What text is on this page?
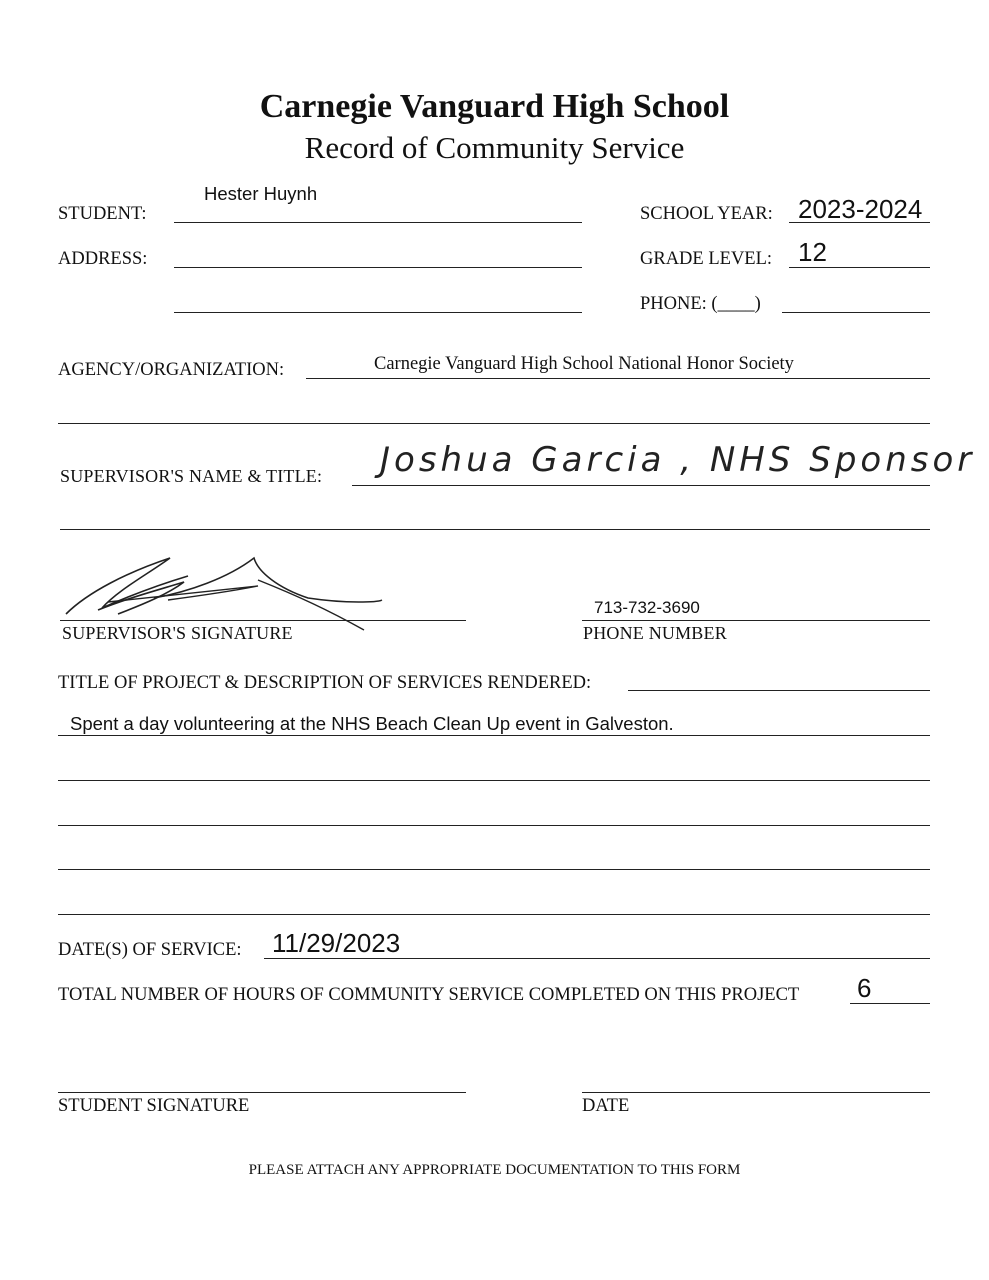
Carnegie Vanguard High School
Record of Community Service
STUDENT:
Hester Huynh
ADDRESS:
SCHOOL YEAR: 2023-2024
GRADE LEVEL: 12
PHONE: (____)
AGENCY/ORGANIZATION:	Carnegie Vanguard High School National Honor Society
SUPERVISOR'S NAME & TITLE: Joshua Garcia , NHS Sponsor
SUPERVISOR'S SIGNATURE
713-732-3690
PHONE NUMBER
TITLE OF PROJECT & DESCRIPTION OF SERVICES RENDERED:
Spent a day volunteering at the NHS Beach Clean Up event in Galveston.
DATE(S) OF SERVICE: 11/29/2023
TOTAL NUMBER OF HOURS OF COMMUNITY SERVICE COMPLETED ON THIS PROJECT 6
STUDENT SIGNATURE	DATE
PLEASE ATTACH ANY APPROPRIATE DOCUMENTATION TO THIS FORM
